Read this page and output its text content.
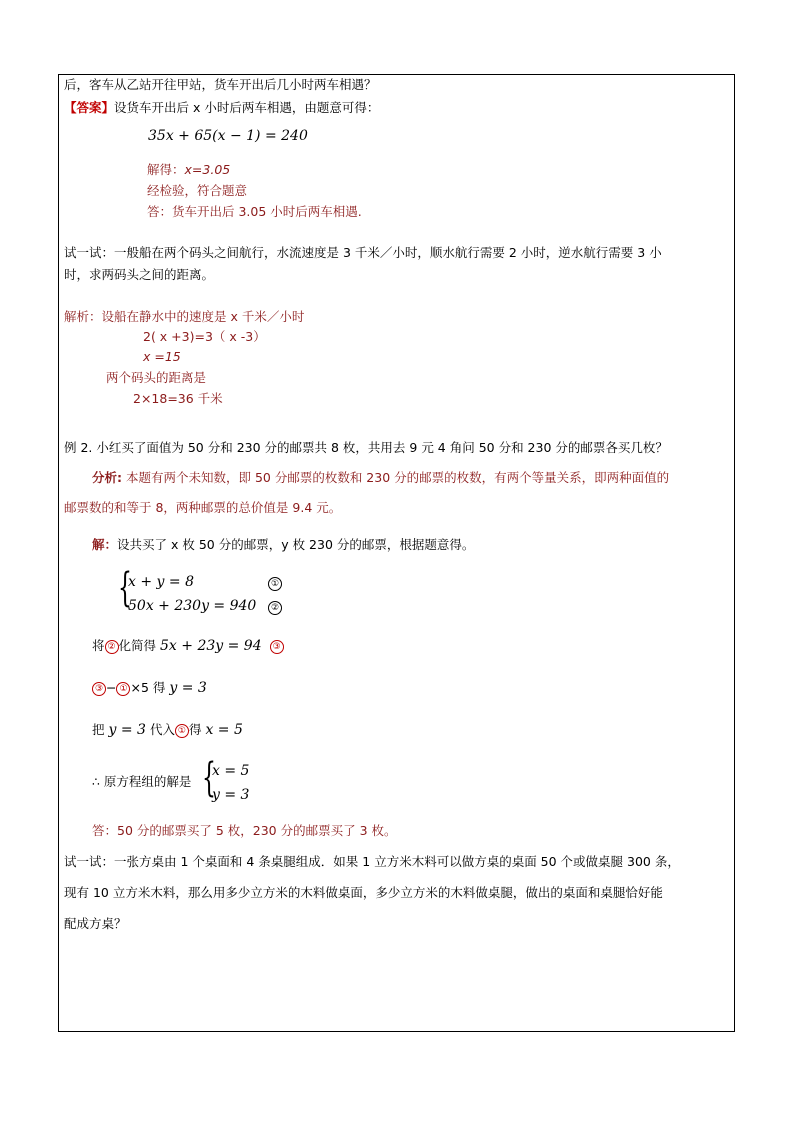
后，客车从乙站开往甲站，货车开出后几小时两车相遇？
【答案】设货车开出后 x 小时后两车相遇，由题意可得：
35x + 65(x − 1) = 240
解得：x=3.05
经检验，符合题意
答：货车开出后 3.05 小时后两车相遇.
试一试：一般船在两个码头之间航行，水流速度是 3 千米／小时，顺水航行需要 2 小时，逆水航行需要 3 小
时，求两码头之间的距离。
解析：设船在静水中的速度是 x 千米／小时
2( x +3)=3（ x -3）
x =15
两个码头的距离是
2×18=36 千米
例 2. 小红买了面值为 50 分和 230 分的邮票共 8 枚，共用去 9 元 4 角问 50 分和 230 分的邮票各买几枚？
分析: 本题有两个未知数，即 50 分邮票的枚数和 230 分的邮票的枚数，有两个等量关系，即两种面值的
邮票数的和等于 8，两种邮票的总价值是 9.4 元。
解：设共买了 x 枚 50 分的邮票，y 枚 230 分的邮票，根据题意得。
{
x + y = 8
50x + 230y = 940
①
②
将 ② 化简得 5x + 23y = 94 ③
③ − ① ×5 得 y = 3
把 y = 3 代入 ① 得 x = 5
∴ 原方程组的解是 {
x = 5
y = 3
答：50 分的邮票买了 5 枚，230 分的邮票买了 3 枚。
试一试：一张方桌由 1 个桌面和 4 条桌腿组成．如果 1 立方米木料可以做方桌的桌面 50 个或做桌腿 300 条，
现有 10 立方米木料，那么用多少立方米的木料做桌面，多少立方米的木料做桌腿，做出的桌面和桌腿恰好能
配成方桌？
